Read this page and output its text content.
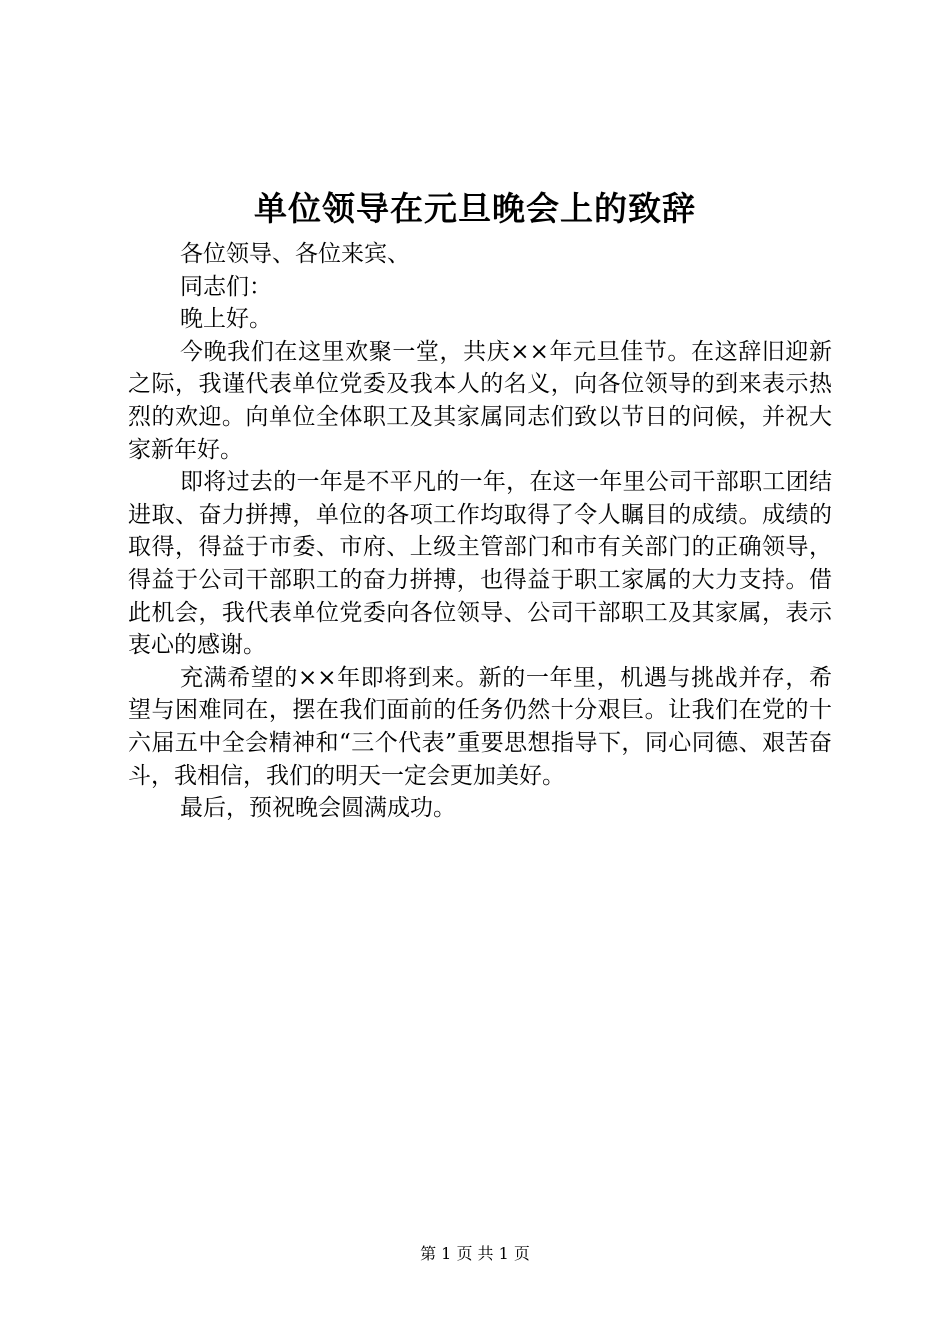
单位领导在元旦晚会上的致辞

各位领导、各位来宾、

同志们：

晚上好。

今晚我们在这里欢聚一堂，共庆××年元旦佳节。在这辞旧迎新之际，我谨代表单位党委及我本人的名义，向各位领导的到来表示热烈的欢迎。向单位全体职工及其家属同志们致以节日的问候，并祝大家新年好。

即将过去的一年是不平凡的一年，在这一年里公司干部职工团结进取、奋力拼搏，单位的各项工作均取得了令人瞩目的成绩。成绩的取得，得益于市委、市府、上级主管部门和市有关部门的正确领导，得益于公司干部职工的奋力拼搏，也得益于职工家属的大力支持。借此机会，我代表单位党委向各位领导、公司干部职工及其家属，表示衷心的感谢。

充满希望的××年即将到来。新的一年里，机遇与挑战并存，希望与困难同在，摆在我们面前的任务仍然十分艰巨。让我们在党的十六届五中全会精神和“三个代表”重要思想指导下，同心同德、艰苦奋斗，我相信，我们的明天一定会更加美好。

最后，预祝晚会圆满成功。

第 1 页 共 1 页
